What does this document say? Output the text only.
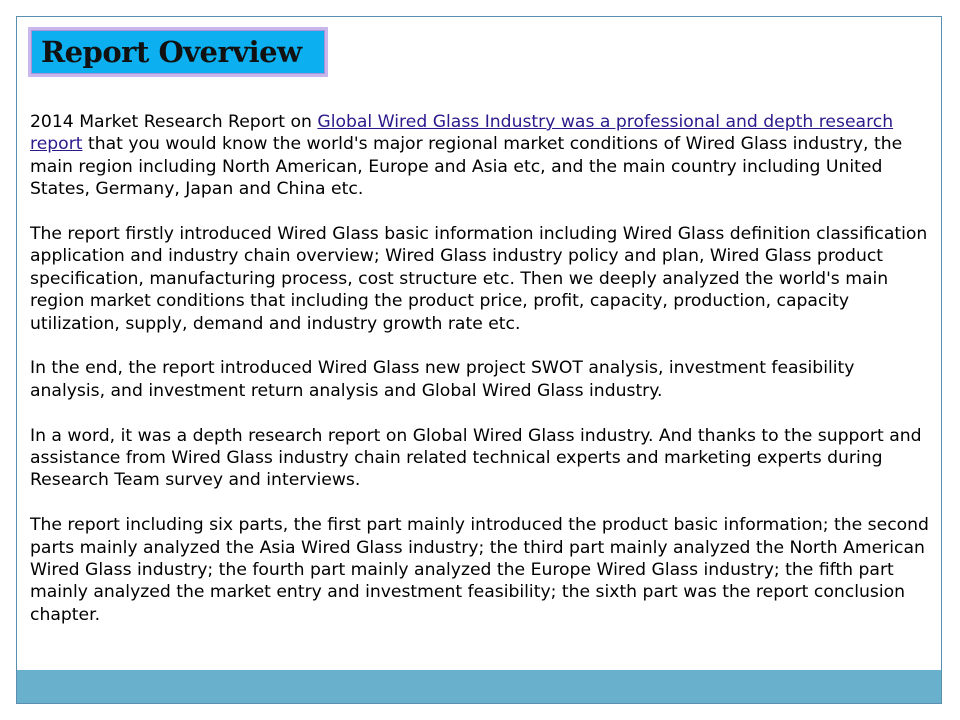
Report Overview

2014 Market Research Report on Global Wired Glass Industry was a professional and depth research report that you would know the world's major regional market conditions of Wired Glass industry, the main region including North American, Europe and Asia etc, and the main country including United States, Germany, Japan and China etc.

The report firstly introduced Wired Glass basic information including Wired Glass definition classification application and industry chain overview; Wired Glass industry policy and plan, Wired Glass product specification, manufacturing process, cost structure etc. Then we deeply analyzed the world's main region market conditions that including the product price, profit, capacity, production, capacity utilization, supply, demand and industry growth rate etc.

In the end, the report introduced Wired Glass new project SWOT analysis, investment feasibility analysis, and investment return analysis and Global Wired Glass industry.

In a word, it was a depth research report on Global Wired Glass industry. And thanks to the support and assistance from Wired Glass industry chain related technical experts and marketing experts during Research Team survey and interviews.

The report including six parts, the first part mainly introduced the product basic information; the second parts mainly analyzed the Asia Wired Glass industry; the third part mainly analyzed the North American Wired Glass industry; the fourth part mainly analyzed the Europe Wired Glass industry; the fifth part mainly analyzed the market entry and investment feasibility; the sixth part was the report conclusion chapter.
